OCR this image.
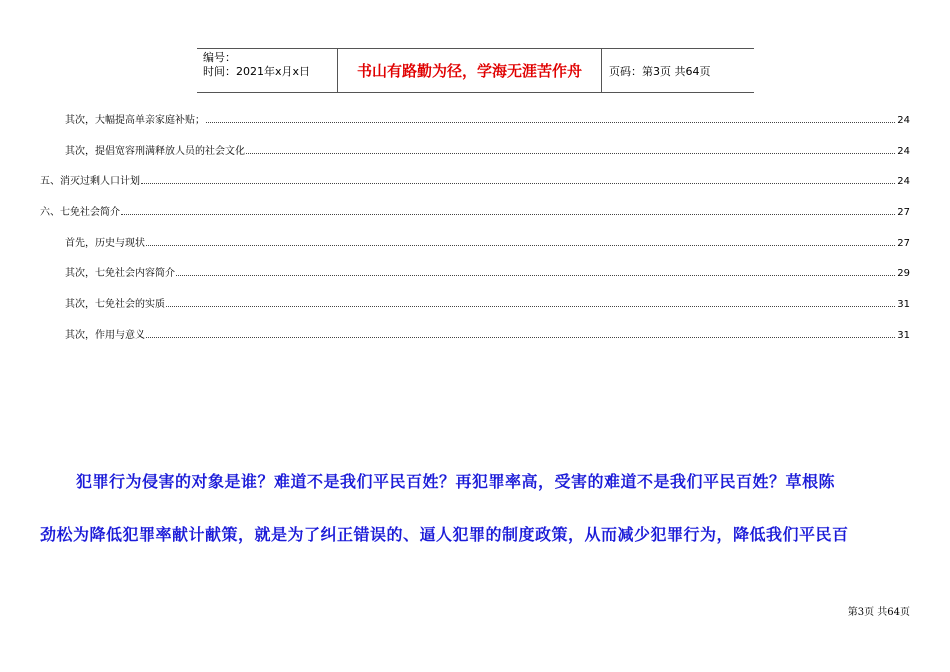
编号：
时间：2021年x月x日	书山有路勤为径，学海无涯苦作舟	页码：第3页 共64页
其次，大幅提高单亲家庭补贴；	24
其次，提倡宽容刑满释放人员的社会文化	24
五、消灭过剩人口计划	24
六、七免社会简介	27
首先，历史与现状	27
其次，七免社会内容简介	29
其次，七免社会的实质	31
其次，作用与意义	31
犯罪行为侵害的对象是谁？难道不是我们平民百姓？再犯罪率高，受害的难道不是我们平民百姓？草根陈
劲松为降低犯罪率献计献策，就是为了纠正错误的、逼人犯罪的制度政策，从而减少犯罪行为，降低我们平民百
第3页 共64页
